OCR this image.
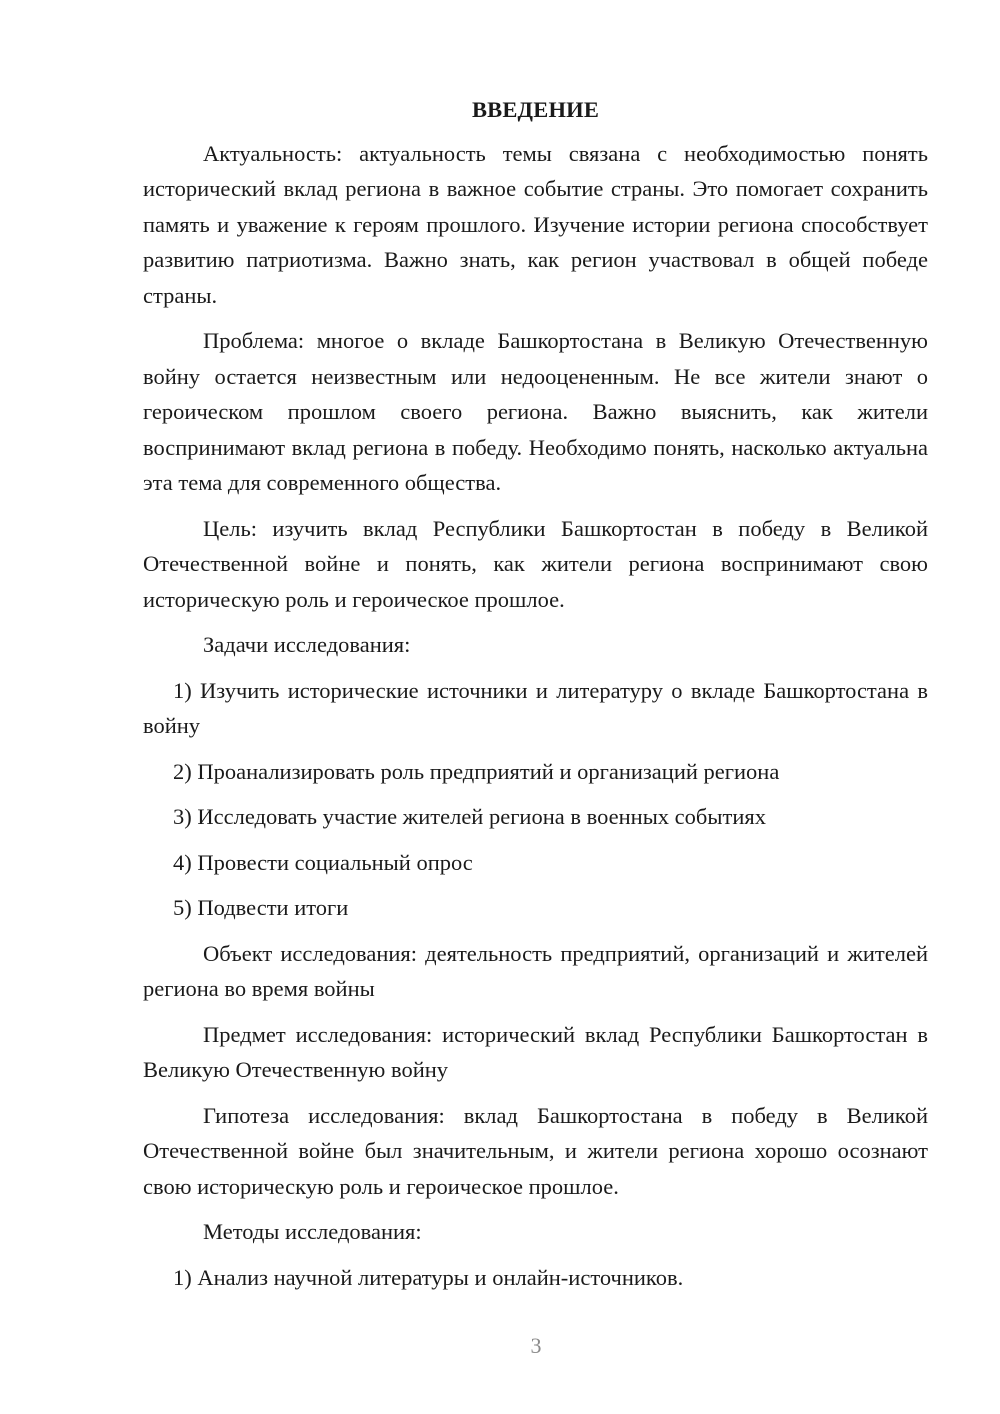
ВВЕДЕНИЕ

Актуальность: актуальность темы связана с необходимостью понять исторический вклад региона в важное событие страны. Это помогает сохранить память и уважение к героям прошлого. Изучение истории региона способствует развитию патриотизма. Важно знать, как регион участвовал в общей победе страны.

Проблема: многое о вкладе Башкортостана в Великую Отечественную войну остается неизвестным или недооцененным. Не все жители знают о героическом прошлом своего региона. Важно выяснить, как жители воспринимают вклад региона в победу. Необходимо понять, насколько актуальна эта тема для современного общества.

Цель: изучить вклад Республики Башкортостан в победу в Великой Отечественной войне и понять, как жители региона воспринимают свою историческую роль и героическое прошлое.

Задачи исследования:

1) Изучить исторические источники и литературу о вкладе Башкортостана в войну

2) Проанализировать роль предприятий и организаций региона

3) Исследовать участие жителей региона в военных событиях

4) Провести социальный опрос

5) Подвести итоги

Объект исследования: деятельность предприятий, организаций и жителей региона во время войны

Предмет исследования: исторический вклад Республики Башкортостан в Великую Отечественную войну

Гипотеза исследования: вклад Башкортостана в победу в Великой Отечественной войне был значительным, и жители региона хорошо осознают свою историческую роль и героическое прошлое.

Методы исследования:

1) Анализ научной литературы и онлайн-источников.

3
